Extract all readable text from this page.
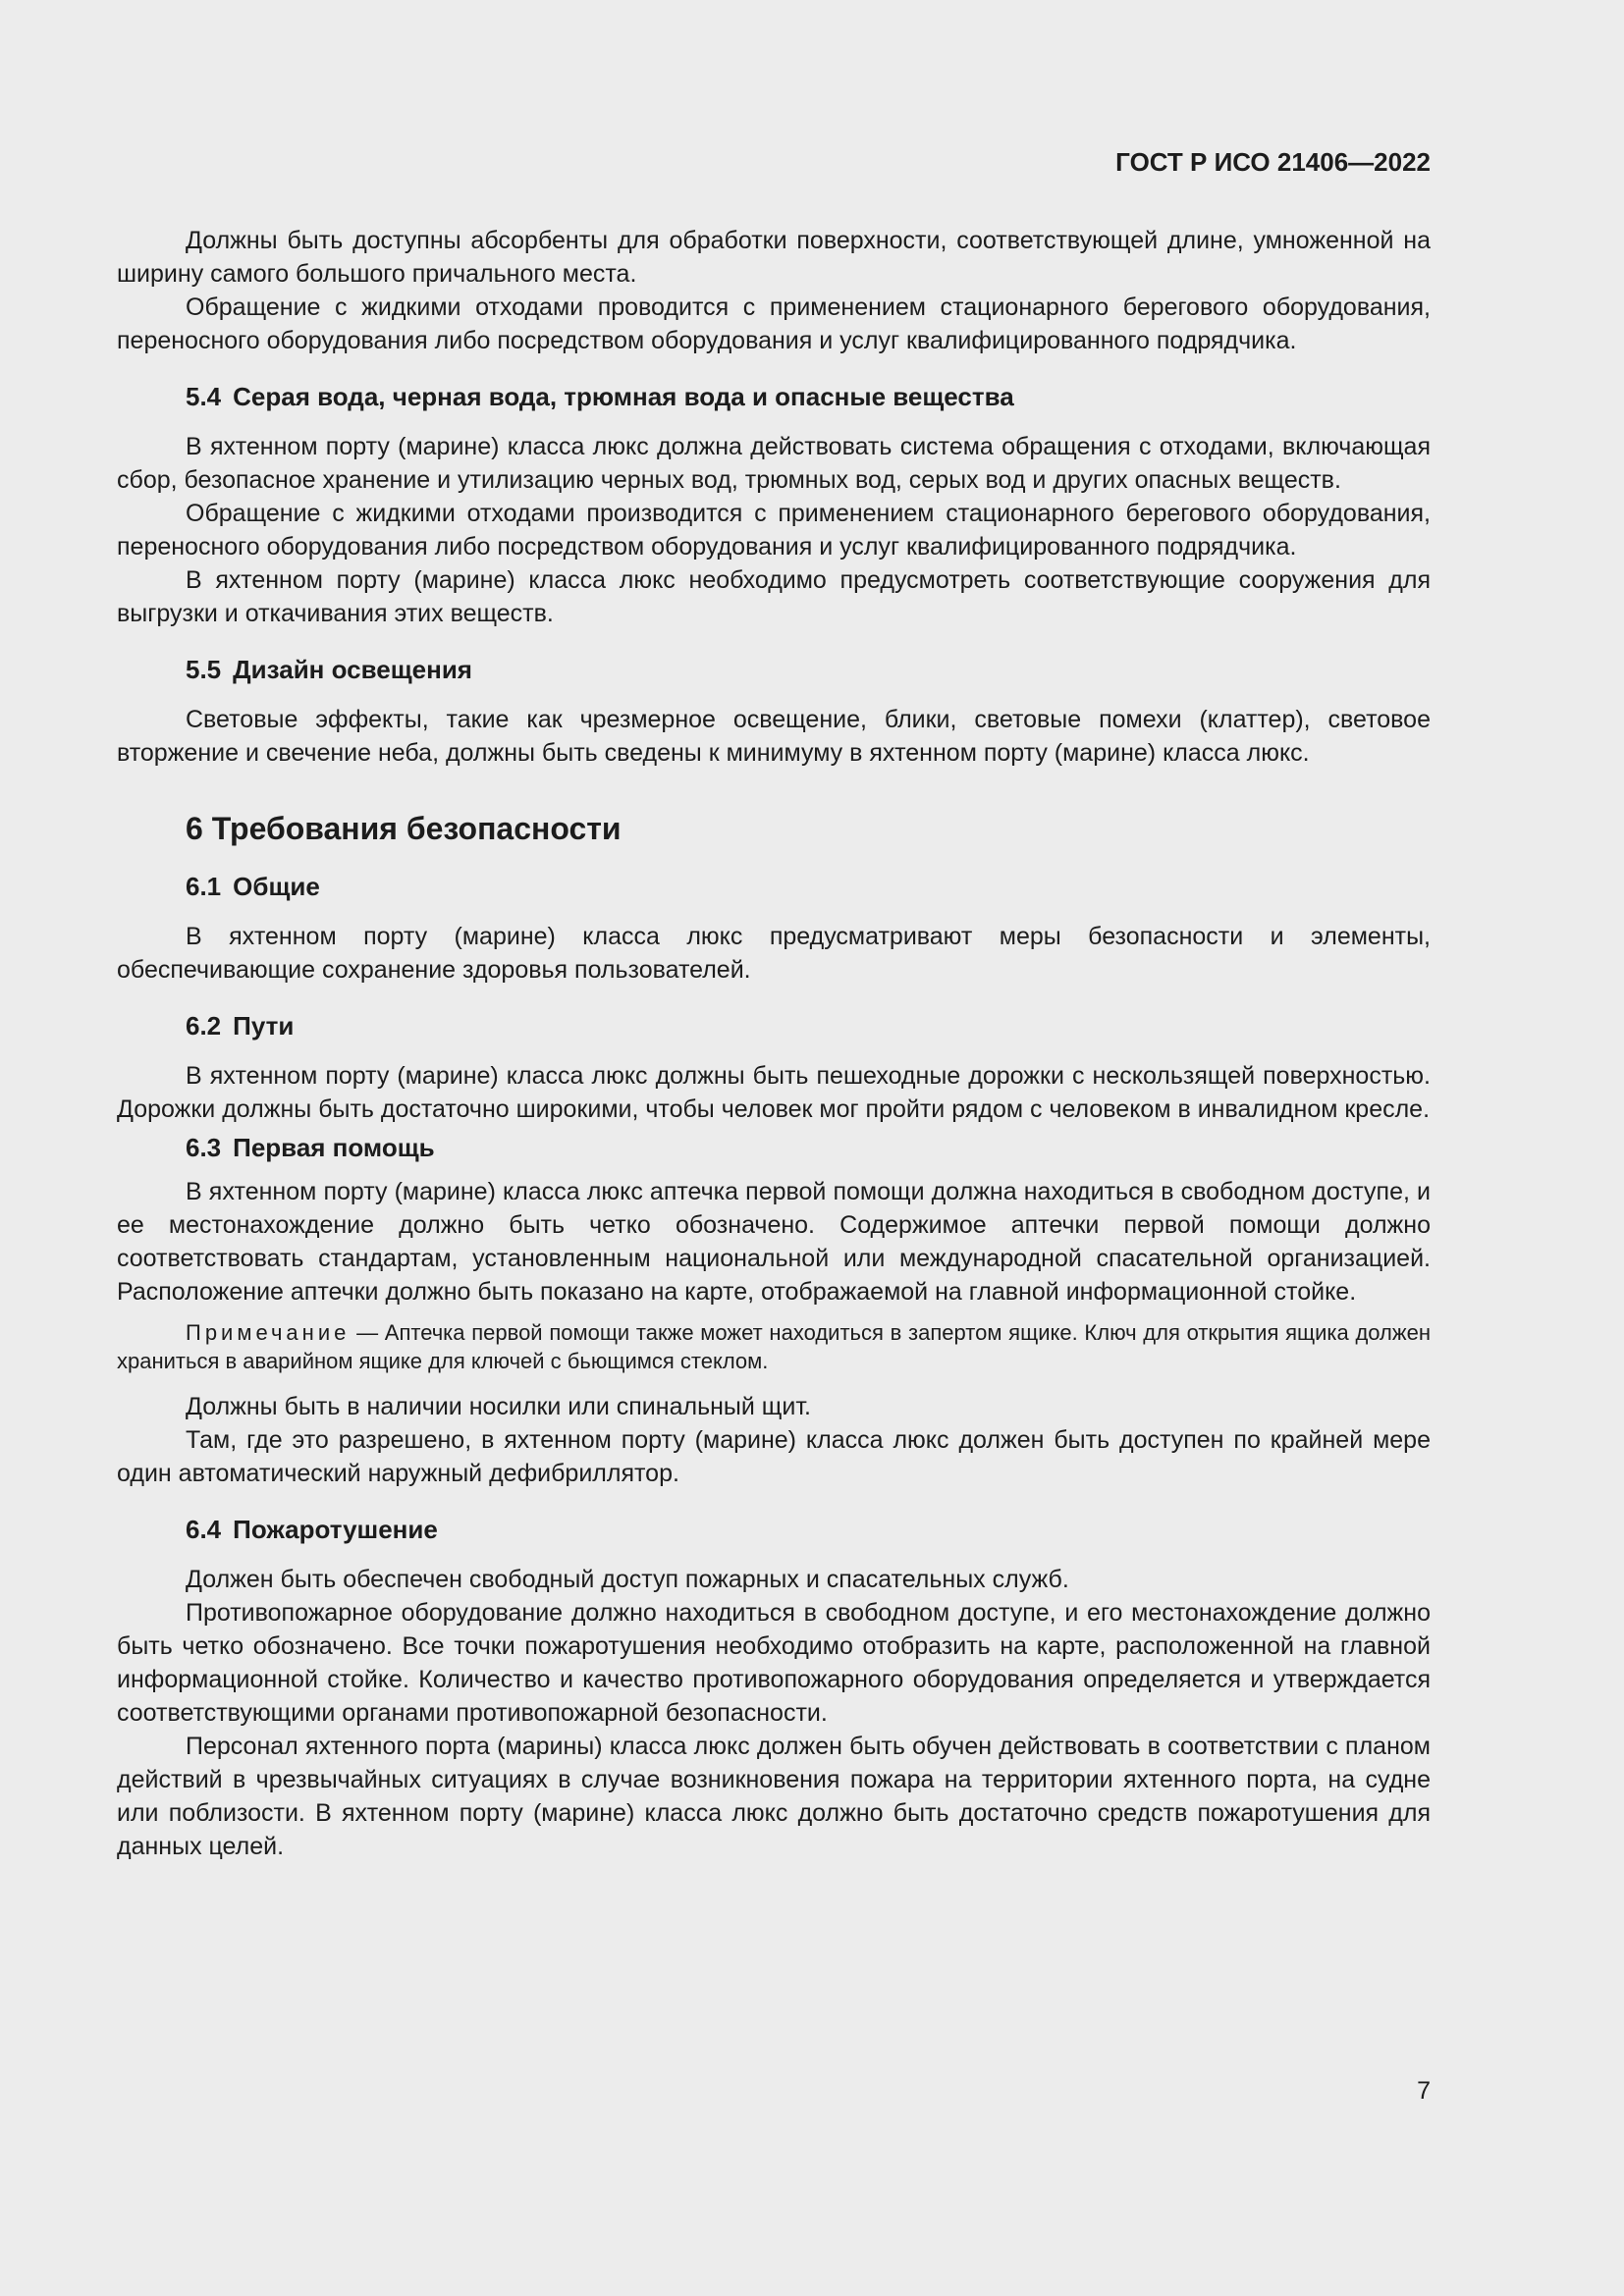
ГОСТ Р ИСО 21406—2022

Должны быть доступны абсорбенты для обработки поверхности, соответствующей длине, умноженной на ширину самого большого причального места.

Обращение с жидкими отходами проводится с применением стационарного берегового оборудования, переносного оборудования либо посредством оборудования и услуг квалифицированного подрядчика.

5.4 Серая вода, черная вода, трюмная вода и опасные вещества

В яхтенном порту (марине) класса люкс должна действовать система обращения с отходами, включающая сбор, безопасное хранение и утилизацию черных вод, трюмных вод, серых вод и других опасных веществ.

Обращение с жидкими отходами производится с применением стационарного берегового оборудования, переносного оборудования либо посредством оборудования и услуг квалифицированного подрядчика.

В яхтенном порту (марине) класса люкс необходимо предусмотреть соответствующие сооружения для выгрузки и откачивания этих веществ.

5.5 Дизайн освещения

Световые эффекты, такие как чрезмерное освещение, блики, световые помехи (клаттер), световое вторжение и свечение неба, должны быть сведены к минимуму в яхтенном порту (марине) класса люкс.

6 Требования безопасности
6.1 Общие

В яхтенном порту (марине) класса люкс предусматривают меры безопасности и элементы, обеспечивающие сохранение здоровья пользователей.

6.2 Пути

В яхтенном порту (марине) класса люкс должны быть пешеходные дорожки с нескользящей поверхностью. Дорожки должны быть достаточно широкими, чтобы человек мог пройти рядом с человеком в инвалидном кресле.

6.3 Первая помощь

В яхтенном порту (марине) класса люкс аптечка первой помощи должна находиться в свободном доступе, и ее местонахождение должно быть четко обозначено. Содержимое аптечки первой помощи должно соответствовать стандартам, установленным национальной или международной спасательной организацией. Расположение аптечки должно быть показано на карте, отображаемой на главной информационной стойке.

Примечание — Аптечка первой помощи также может находиться в запертом ящике. Ключ для открытия ящика должен храниться в аварийном ящике для ключей с бьющимся стеклом.

Должны быть в наличии носилки или спинальный щит.

Там, где это разрешено, в яхтенном порту (марине) класса люкс должен быть доступен по крайней мере один автоматический наружный дефибриллятор.

6.4 Пожаротушение

Должен быть обеспечен свободный доступ пожарных и спасательных служб.

Противопожарное оборудование должно находиться в свободном доступе, и его местонахождение должно быть четко обозначено. Все точки пожаротушения необходимо отобразить на карте, расположенной на главной информационной стойке. Количество и качество противопожарного оборудования определяется и утверждается соответствующими органами противопожарной безопасности.

Персонал яхтенного порта (марины) класса люкс должен быть обучен действовать в соответствии с планом действий в чрезвычайных ситуациях в случае возникновения пожара на территории яхтенного порта, на судне или поблизости. В яхтенном порту (марине) класса люкс должно быть достаточно средств пожаротушения для данных целей.

7
